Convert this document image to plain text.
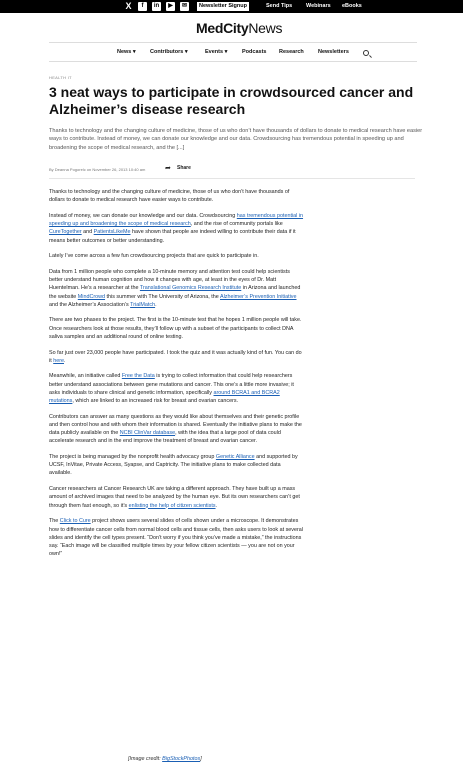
X	f	in	▶	✉	Newsletter Signup	Send Tips	Webinars eBooks
MedCityNews
News ▾	Contributors ▾	Events ▾	Podcasts Research	Newsletters
HEALTH IT
3 neat ways to participate in crowdsourced cancer and Alzheimer’s disease research
Thanks to technology and the changing culture of medicine, those of us who don’t have thousands of dollars to donate to medical research have easier ways to contribute. Instead of money, we can donate our knowledge and our data. Crowdsourcing has tremendous potential in speeding up and broadening the scope of medical research, and the [...]
By Deanna Pogorelc on November 26, 2013 10:40 am	➦ Share

Thanks to technology and the changing culture of medicine, those of us who don’t have thousands of dollars to donate to medical research have easier ways to contribute.

Instead of money, we can donate our knowledge and our data. Crowdsourcing has tremendous potential in speeding up and broadening the scope of medical research, and the rise of community portals like CureTogether and PatientsLikeMe have shown that people are indeed willing to contribute their data if it means better outcomes or better understanding.

Lately I’ve come across a few fun crowdsourcing projects that are quick to participate in.

Data from 1 million people who complete a 10-minute memory and attention test could help scientists better understand human cognition and how it changes with age, at least in the eyes of Dr. Matt Huentelman. He’s a researcher at the Translational Genomics Research Institute in Arizona and launched the website MindCrowd this summer with The University of Arizona, the Alzheimer’s Prevention Initiative and the Alzheimer’s Association’s TrialMatch.

There are two phases to the project. The first is the 10-minute test that he hopes 1 million people will take. Once researchers look at those results, they’ll follow up with a subset of the participants to collect DNA saliva samples and an additional round of online testing.

So far just over 23,000 people have participated. I took the quiz and it was actually kind of fun. You can do it here.

Meanwhile, an initiative called Free the Data is trying to collect information that could help researchers better understand associations between gene mutations and cancer. This one’s a little more invasive; it asks individuals to share clinical and genetic information, specifically around BCRA1 and BCRA2 mutations, which are linked to an increased risk for breast and ovarian cancers.

Contributors can answer as many questions as they would like about themselves and their genetic profile and then control how and with whom their information is shared. Eventually the initiative plans to make the data publicly available on the NCBI ClinVar database, with the idea that a large pool of data could accelerate research and in the end improve the treatment of breast and ovarian cancer.

The project is being managed by the nonprofit health advocacy group Genetic Alliance and supported by UCSF, InVitae, Private Access, Syapse, and Captricity. The initiative plans to make collected data available.

Cancer researchers at Cancer Research UK are taking a different approach. They have built up a mass amount of archived images that need to be analyzed by the human eye. But its own researchers can’t get through them fast enough, so it’s enlisting the help of citizen scientists.

The Click to Cure project shows users several slides of cells shown under a microscope. It demonstrates how to differentiate cancer cells from normal blood cells and tissue cells, then asks users to look at several slides and identify the cell types present. “Don’t worry if you think you’ve made a mistake,” the instructions say. “Each image will be classified multiple times by your fellow citizen scientists — you are not on your own!”

[Image credit: BigStockPhotos]
